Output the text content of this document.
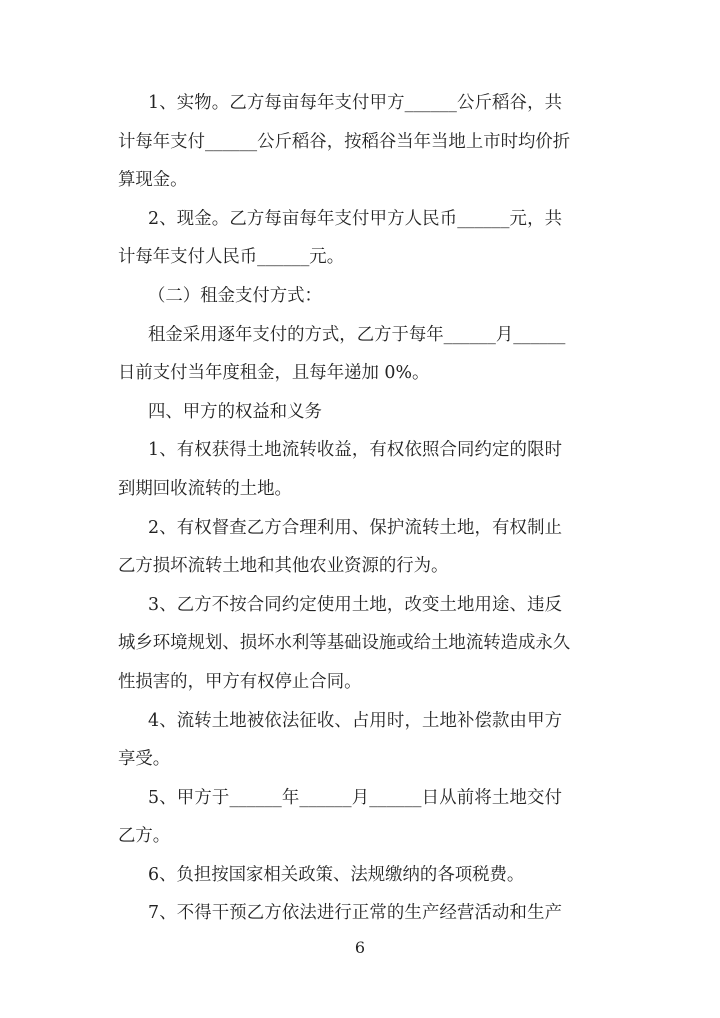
1、实物。乙方每亩每年支付甲方______公斤稻谷，共
计每年支付______公斤稻谷，按稻谷当年当地上市时均价折
算现金。
2、现金。乙方每亩每年支付甲方人民币______元，共
计每年支付人民币______元。
（二）租金支付方式：
租金采用逐年支付的方式，乙方于每年______月______
日前支付当年度租金，且每年递加 0%。
四、甲方的权益和义务
1、有权获得土地流转收益，有权依照合同约定的限时
到期回收流转的土地。
2、有权督查乙方合理利用、保护流转土地，有权制止
乙方损坏流转土地和其他农业资源的行为。
3、乙方不按合同约定使用土地，改变土地用途、违反
城乡环境规划、损坏水利等基础设施或给土地流转造成永久
性损害的，甲方有权停止合同。
4、流转土地被依法征收、占用时，土地补偿款由甲方
享受。
5、甲方于______年______月______日从前将土地交付
乙方。
6、负担按国家相关政策、法规缴纳的各项税费。
7、不得干预乙方依法进行正常的生产经营活动和生产
6
